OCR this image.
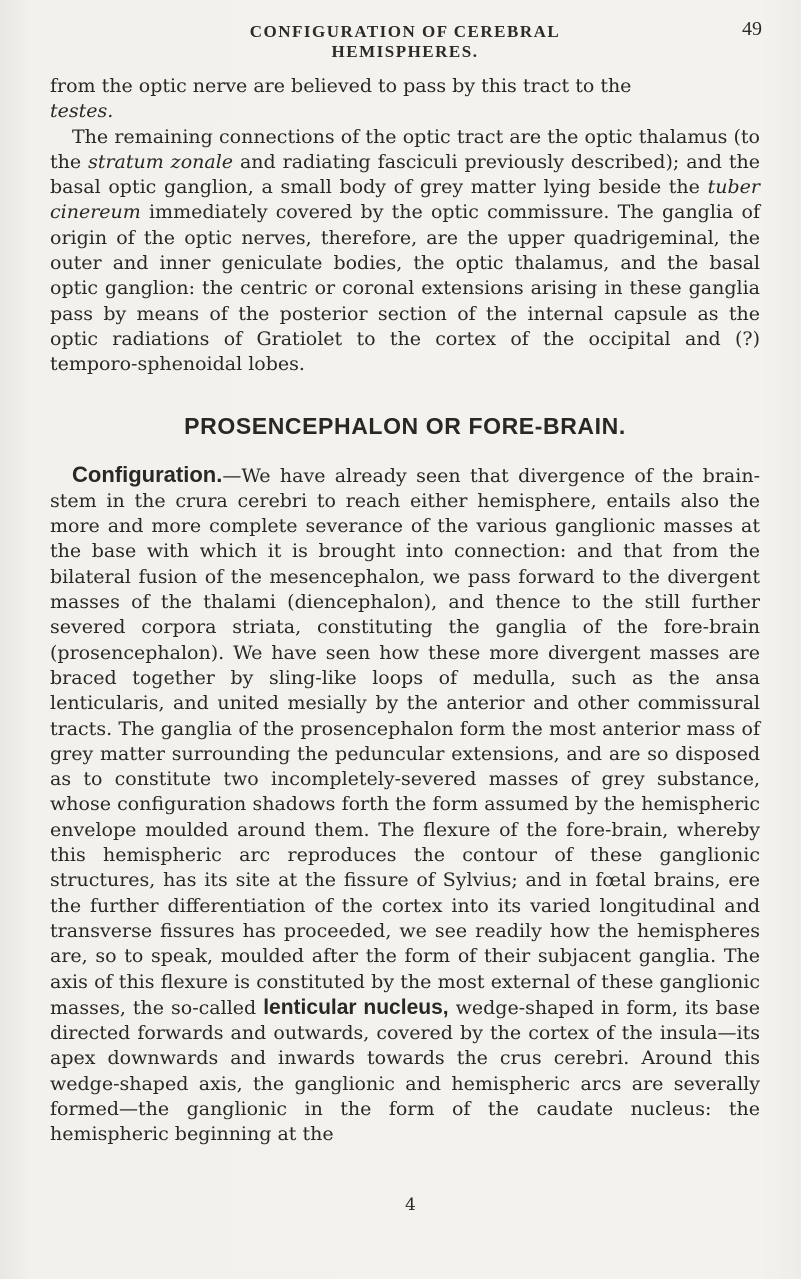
CONFIGURATION OF CEREBRAL HEMISPHERES.
49

from the optic nerve are believed to pass by this tract to the
testes.

The remaining connections of the optic tract are the optic thalamus (to the stratum zonale and radiating fasciculi previously described); and the basal optic ganglion, a small body of grey matter lying beside the tuber cinereum immediately covered by the optic commissure. The ganglia of origin of the optic nerves, therefore, are the upper quadrigeminal, the outer and inner geniculate bodies, the optic thalamus, and the basal optic ganglion: the centric or coronal extensions arising in these ganglia pass by means of the posterior section of the internal capsule as the optic radiations of Gratiolet to the cortex of the occipital and (?) temporo-sphenoidal lobes.

PROSENCEPHALON OR FORE-BRAIN.

Configuration.—We have already seen that divergence of the brain-stem in the crura cerebri to reach either hemisphere, entails also the more and more complete severance of the various ganglionic masses at the base with which it is brought into connection: and that from the bilateral fusion of the mesencephalon, we pass forward to the divergent masses of the thalami (diencephalon), and thence to the still further severed corpora striata, constituting the ganglia of the fore-brain (prosencephalon). We have seen how these more divergent masses are braced together by sling-like loops of medulla, such as the ansa lenticularis, and united mesially by the anterior and other commissural tracts. The ganglia of the prosencephalon form the most anterior mass of grey matter surrounding the peduncular extensions, and are so disposed as to constitute two incompletely-severed masses of grey substance, whose configuration shadows forth the form assumed by the hemispheric envelope moulded around them. The flexure of the fore-brain, whereby this hemispheric arc reproduces the contour of these ganglionic structures, has its site at the fissure of Sylvius; and in fœtal brains, ere the further differentiation of the cortex into its varied longitudinal and transverse fissures has proceeded, we see readily how the hemispheres are, so to speak, moulded after the form of their subjacent ganglia. The axis of this flexure is constituted by the most external of these ganglionic masses, the so-called lenticular nucleus, wedge-shaped in form, its base directed forwards and outwards, covered by the cortex of the insula—its apex downwards and inwards towards the crus cerebri. Around this wedge-shaped axis, the ganglionic and hemispheric arcs are severally formed—the ganglionic in the form of the caudate nucleus: the hemispheric beginning at the

4
